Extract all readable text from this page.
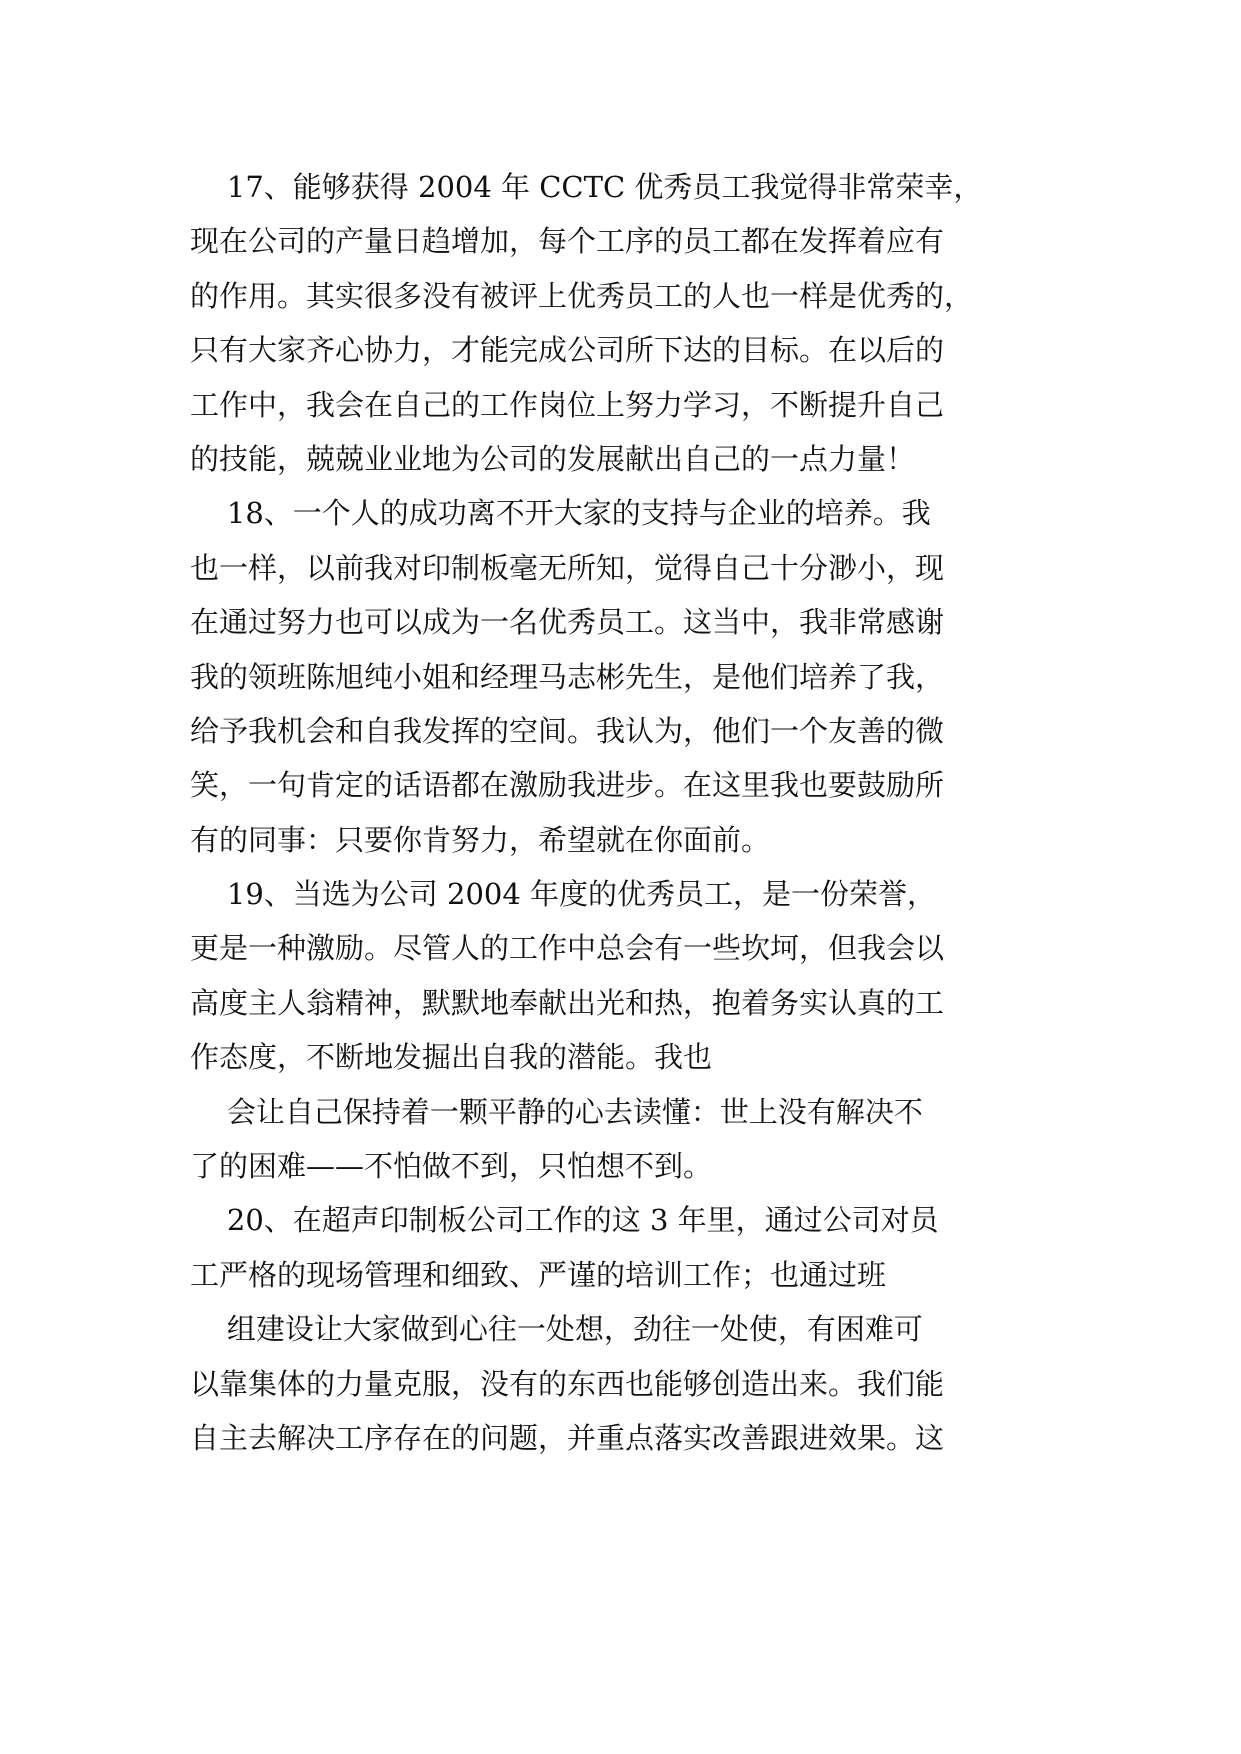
17、能够获得 2004 年 CCTC 优秀员工我觉得非常荣幸，
现在公司的产量日趋增加，每个工序的员工都在发挥着应有
的作用。其实很多没有被评上优秀员工的人也一样是优秀的，
只有大家齐心协力，才能完成公司所下达的目标。在以后的
工作中，我会在自己的工作岗位上努力学习，不断提升自己
的技能，兢兢业业地为公司的发展献出自己的一点力量！
18、一个人的成功离不开大家的支持与企业的培养。我
也一样，以前我对印制板毫无所知，觉得自己十分渺小，现
在通过努力也可以成为一名优秀员工。这当中，我非常感谢
我的领班陈旭纯小姐和经理马志彬先生，是他们培养了我，
给予我机会和自我发挥的空间。我认为，他们一个友善的微
笑，一句肯定的话语都在激励我进步。在这里我也要鼓励所
有的同事：只要你肯努力，希望就在你面前。
19、当选为公司 2004 年度的优秀员工，是一份荣誉，
更是一种激励。尽管人的工作中总会有一些坎坷，但我会以
高度主人翁精神，默默地奉献出光和热，抱着务实认真的工
作态度，不断地发掘出自我的潜能。我也
会让自己保持着一颗平静的心去读懂：世上没有解决不
了的困难——不怕做不到，只怕想不到。
20、在超声印制板公司工作的这 3 年里，通过公司对员
工严格的现场管理和细致、严谨的培训工作；也通过班
组建设让大家做到心往一处想，劲往一处使，有困难可
以靠集体的力量克服，没有的东西也能够创造出来。我们能
自主去解决工序存在的问题，并重点落实改善跟进效果。这
